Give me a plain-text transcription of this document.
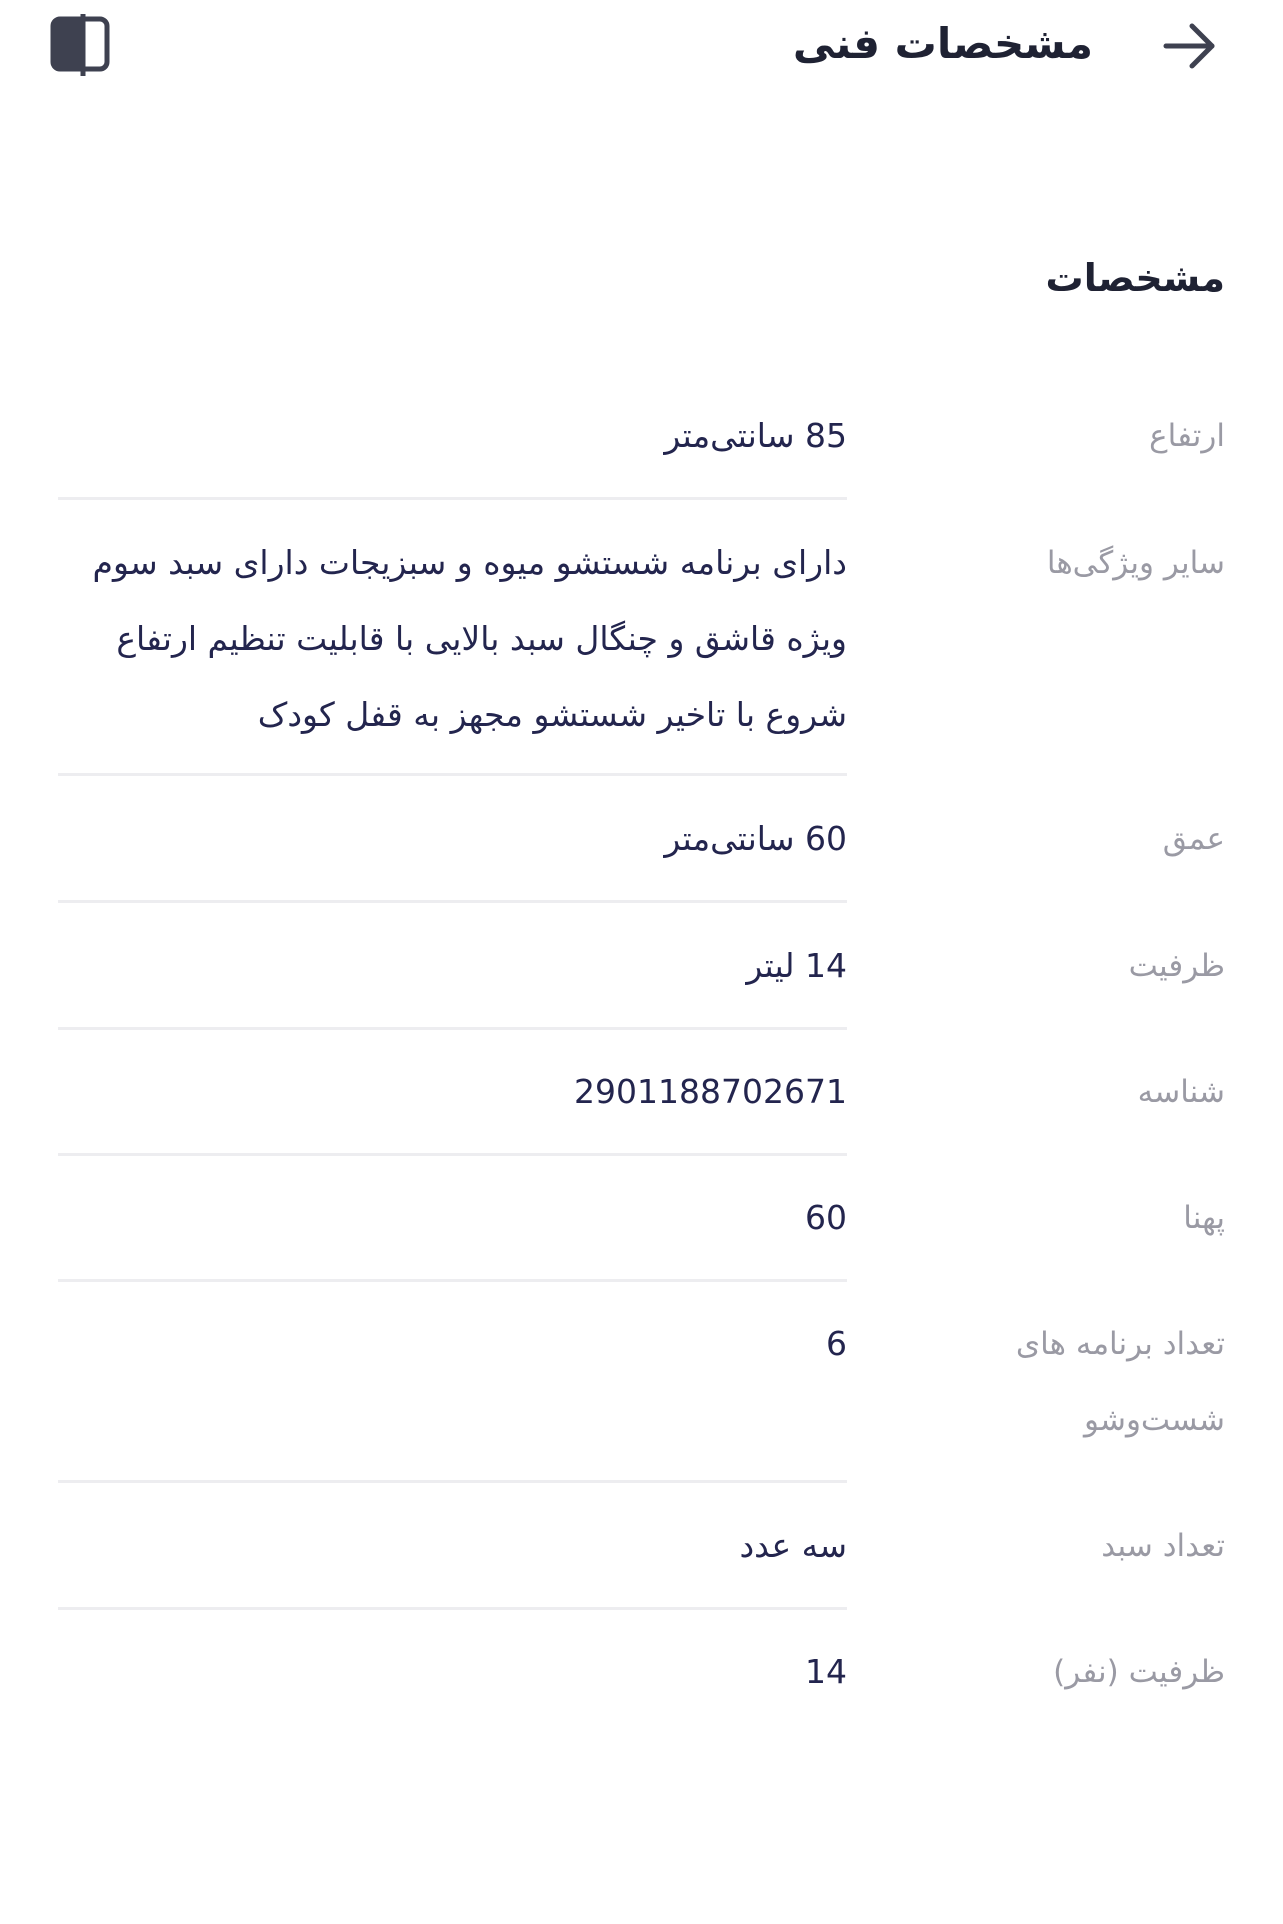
مشخصات فنی
مشخصات
ارتفاع
85 سانتی‌متر
سایر ویژگی‌ها
دارای برنامه شستشو میوه و سبزیجات دارای سبد سوم ویژه قاشق و چنگال سبد بالایی با قابلیت تنظیم ارتفاع شروع با تاخیر شستشو مجهز به قفل کودک
عمق
60 سانتی‌متر
ظرفیت
14 لیتر
شناسه
2901188702671
پهنا
60
تعداد برنامه های شست‌وشو
6
تعداد سبد
سه عدد
ظرفیت (نفر)
14
